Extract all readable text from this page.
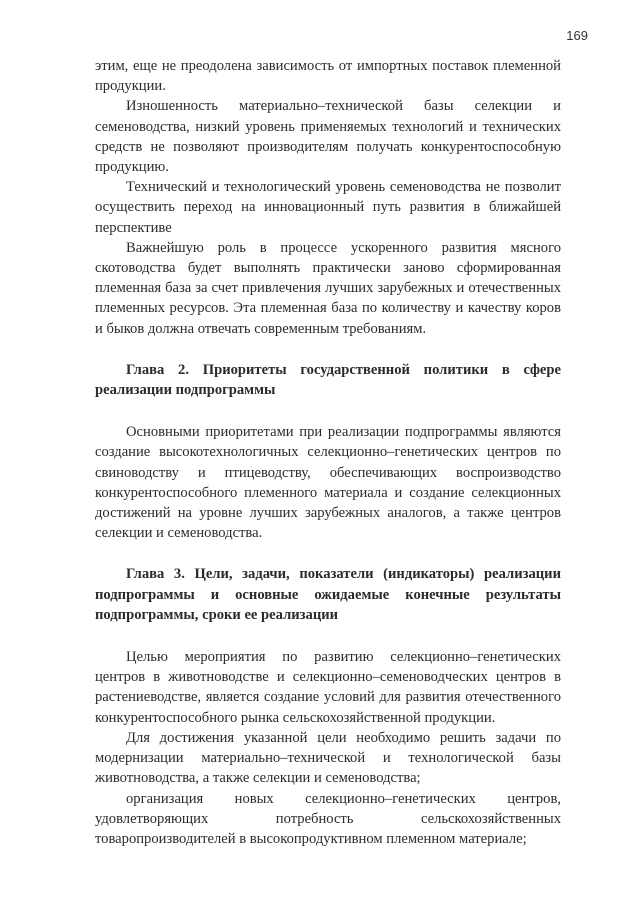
169

этим, еще не преодолена зависимость от импортных поставок племенной продукции.

Изношенность материально–технической базы селекции и семеноводства, низкий уровень применяемых технологий и технических средств не позволяют производителям получать конкурентоспособную продукцию.

Технический и технологический уровень семеноводства не позволит осуществить переход на инновационный путь развития в ближайшей перспективе

Важнейшую роль в процессе ускоренного развития мясного скотоводства будет выполнять практически заново сформированная племенная база за счет привлечения лучших зарубежных и отечественных племенных ресурсов. Эта племенная база по количеству и качеству коров и быков должна отвечать современным требованиям.

Глава 2. Приоритеты государственной политики в сфере реализации подпрограммы

Основными приоритетами при реализации подпрограммы являются создание высокотехнологичных селекционно–генетических центров по свиноводству и птицеводству, обеспечивающих воспроизводство конкурентоспособного племенного материала и создание селекционных достижений на уровне лучших зарубежных аналогов, а также центров селекции и семеноводства.

Глава 3. Цели, задачи, показатели (индикаторы) реализации подпрограммы и основные ожидаемые конечные результаты подпрограммы, сроки ее реализации

Целью мероприятия по развитию селекционно–генетических центров в животноводстве и селекционно–семеноводческих центров в растениеводстве, является создание условий для развития отечественного конкурентоспособного рынка сельскохозяйственной продукции.

Для достижения указанной цели необходимо решить задачи по модернизации материально–технической и технологической базы животноводства, а также селекции и семеноводства;

организация новых селекционно–генетических центров, удовлетворяющих потребность сельскохозяйственных товаропроизводителей в высокопродуктивном племенном материале;
